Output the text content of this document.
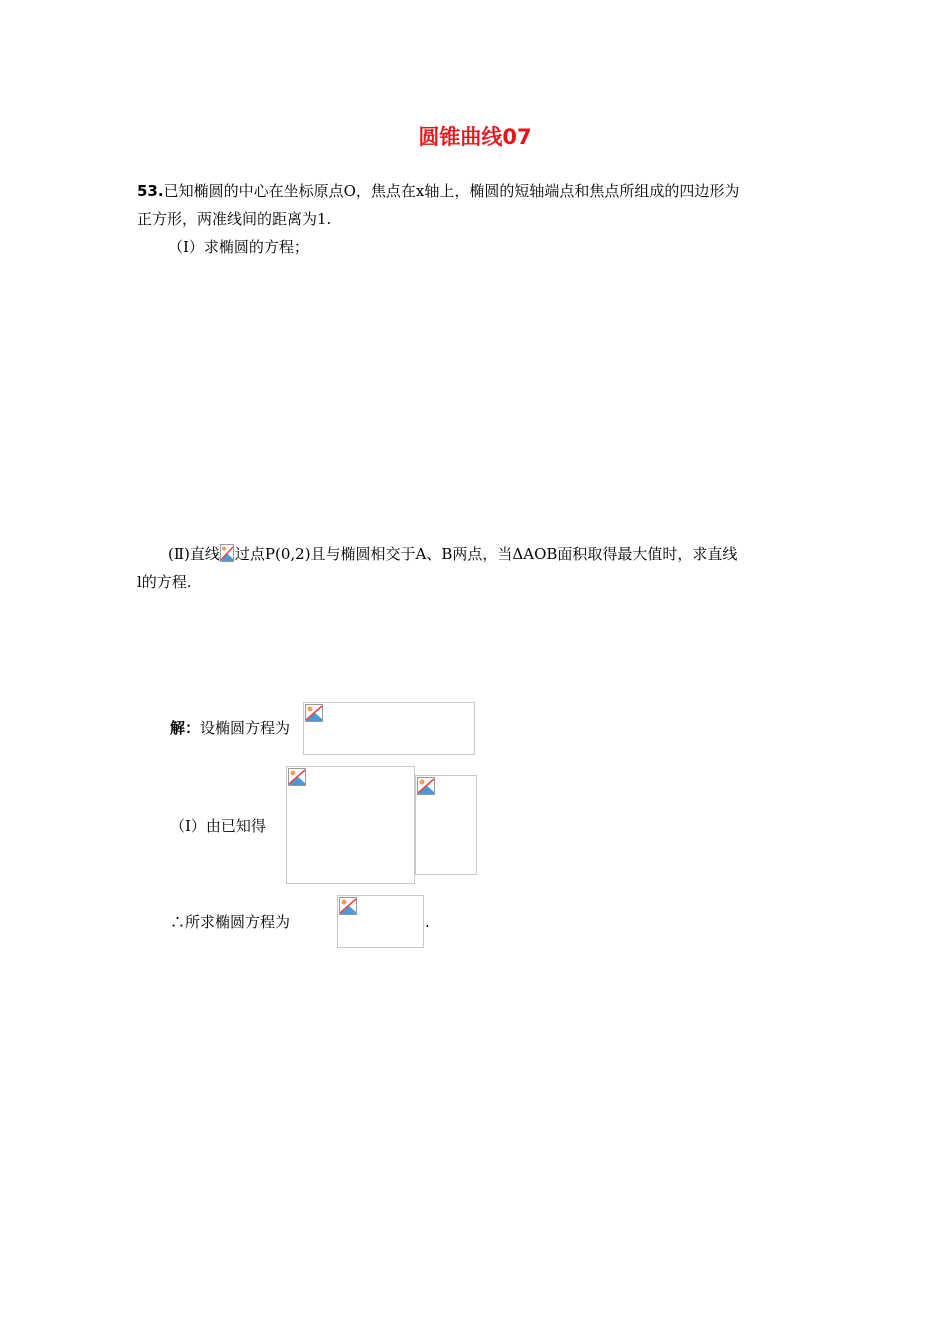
圆锥曲线07
53.已知椭圆的中心在坐标原点O，焦点在x轴上，椭圆的短轴端点和焦点所组成的四边形为
正方形，两准线间的距离为1.
（Ⅰ）求椭圆的方程；
(Ⅱ)直线 过点P(0,2)且与椭圆相交于A、B两点，当ΔAOB面积取得最大值时，求直线
l的方程.
解：设椭圆方程为
（Ⅰ）由已知得
∴所求椭圆方程为	.
